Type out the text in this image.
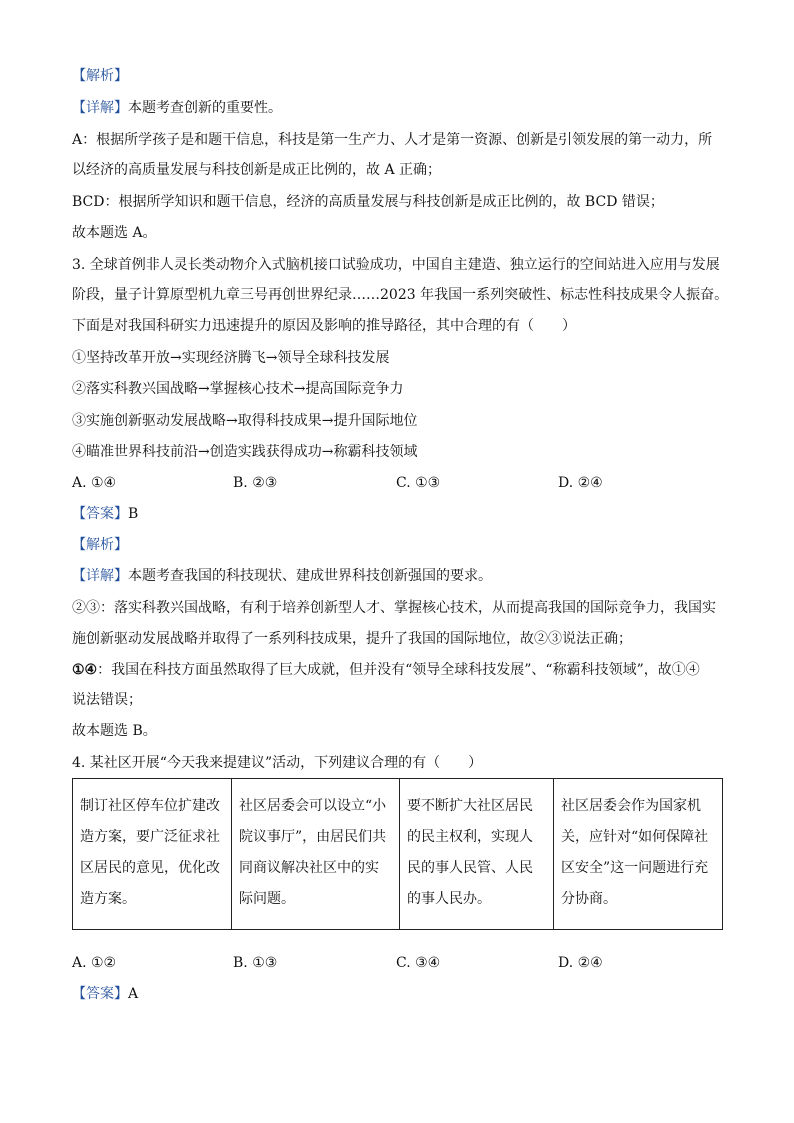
【解析】
【详解】本题考查创新的重要性。
A：根据所学孩子是和题干信息，科技是第一生产力、人才是第一资源、创新是引领发展的第一动力，所
以经济的高质量发展与科技创新是成正比例的，故 A 正确；
BCD：根据所学知识和题干信息，经济的高质量发展与科技创新是成正比例的，故 BCD 错误；
故本题选 A。
3. 全球首例非人灵长类动物介入式脑机接口试验成功，中国自主建造、独立运行的空间站进入应用与发展
阶段，量子计算原型机九章三号再创世界纪录……2023 年我国一系列突破性、标志性科技成果令人振奋。
下面是对我国科研实力迅速提升的原因及影响的推导路径，其中合理的有（　　）
①坚持改革开放→实现经济腾飞→领导全球科技发展
②落实科教兴国战略→掌握核心技术→提高国际竞争力
③实施创新驱动发展战略→取得科技成果→提升国际地位
④瞄准世界科技前沿→创造实践获得成功→称霸科技领域
A. ①④	B. ②③	C. ①③	D. ②④
【答案】B
【解析】
【详解】本题考查我国的科技现状、建成世界科技创新强国的要求。
②③：落实科教兴国战略，有利于培养创新型人才、掌握核心技术，从而提高我国的国际竞争力，我国实
施创新驱动发展战略并取得了一系列科技成果，提升了我国的国际地位，故②③说法正确；
①④：我国在科技方面虽然取得了巨大成就，但并没有“领导全球科技发展”、“称霸科技领域”，故①④
说法错误；
故本题选 B。
4. 某社区开展“今天我来提建议”活动，下列建议合理的有（　　）
制订社区停车位扩建改造方案，要广泛征求社区居民的意见，优化改造方案。	社区居委会可以设立“小院议事厅”，由居民们共同商议解决社区中的实际问题。	要不断扩大社区居民的民主权利，实现人民的事人民管、人民的事人民办。	社区居委会作为国家机关，应针对“如何保障社区安全”这一问题进行充分协商。
A. ①②	B. ①③	C. ③④	D. ②④
【答案】A
